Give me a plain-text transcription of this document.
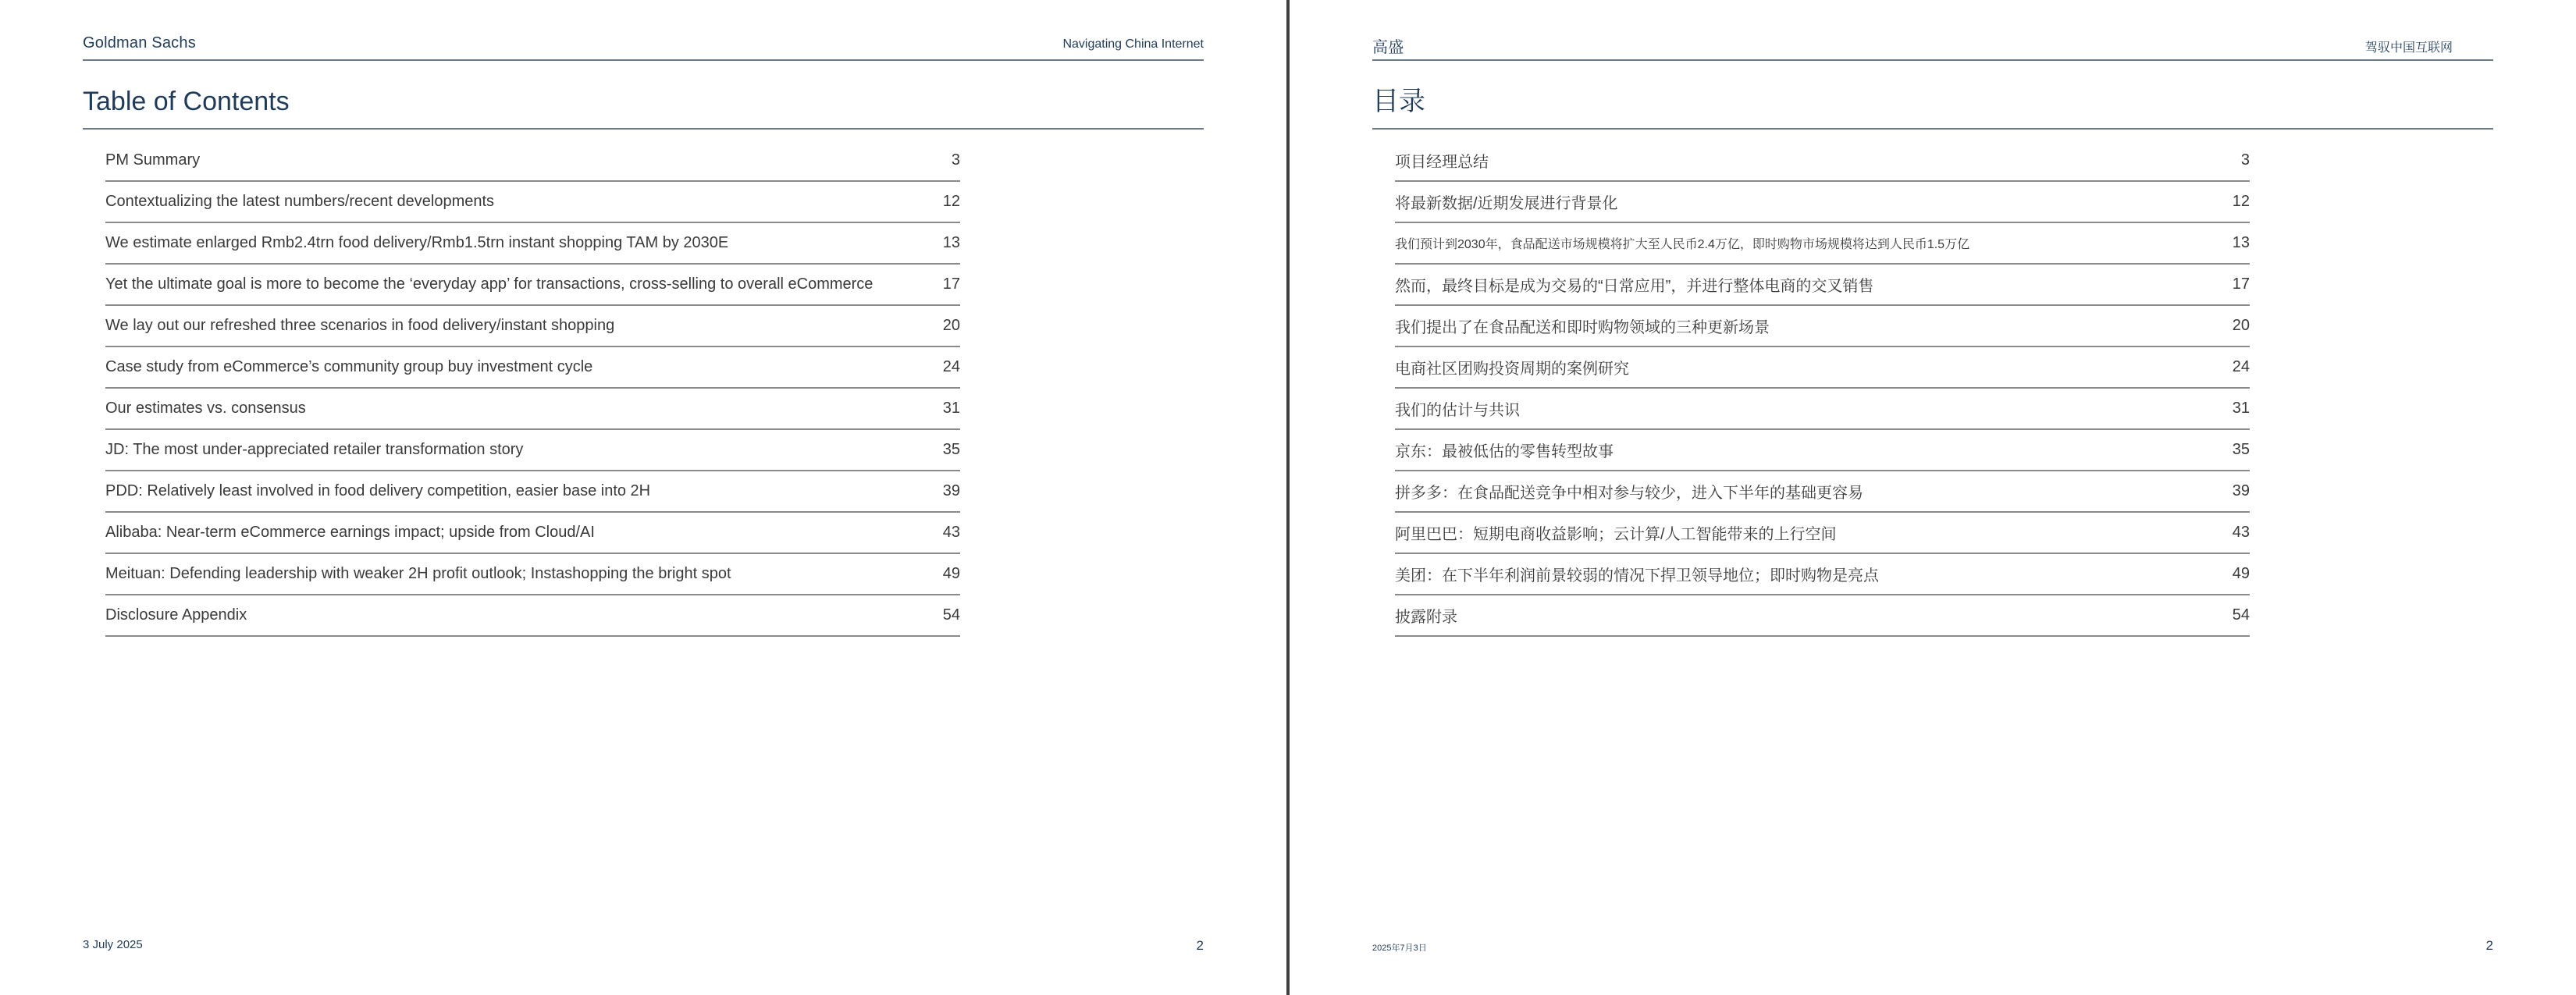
Goldman Sachs	Navigating China Internet
Table of Contents
PM Summary	3
Contextualizing the latest numbers/recent developments	12
We estimate enlarged Rmb2.4trn food delivery/Rmb1.5trn instant shopping TAM by 2030E	13
Yet the ultimate goal is more to become the ‘everyday app’ for transactions, cross-selling to overall eCommerce	17
We lay out our refreshed three scenarios in food delivery/instant shopping	20
Case study from eCommerce’s community group buy investment cycle	24
Our estimates vs. consensus	31
JD: The most under-appreciated retailer transformation story	35
PDD: Relatively least involved in food delivery competition, easier base into 2H	39
Alibaba: Near-term eCommerce earnings impact; upside from Cloud/AI	43
Meituan: Defending leadership with weaker 2H profit outlook; Instashopping the bright spot	49
Disclosure Appendix	54
3 July 2025	2
高盛	驾驭中国互联网
目录
项目经理总结	3
将最新数据/近期发展进行背景化	12
我们预计到2030年，食品配送市场规模将扩大至人民币2.4万亿，即时购物市场规模将达到人民币1.5万亿	13
然而，最终目标是成为交易的“日常应用”，并进行整体电商的交叉销售	17
我们提出了在食品配送和即时购物领域的三种更新场景	20
电商社区团购投资周期的案例研究	24
我们的估计与共识	31
京东：最被低估的零售转型故事	35
拼多多：在食品配送竞争中相对参与较少，进入下半年的基础更容易	39
阿里巴巴：短期电商收益影响；云计算/人工智能带来的上行空间	43
美团：在下半年利润前景较弱的情况下捍卫领导地位；即时购物是亮点	49
披露附录	54
2025年7月3日	2
